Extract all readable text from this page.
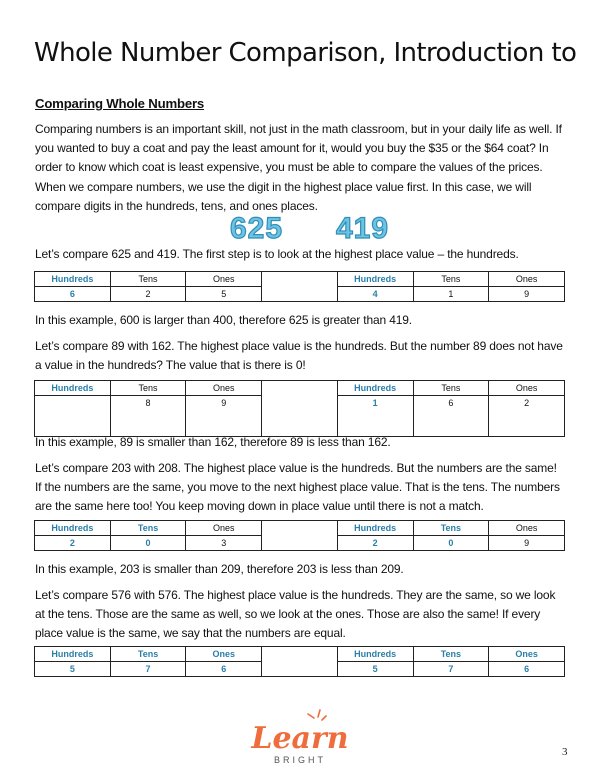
Whole Number Comparison, Introduction to
Comparing Whole Numbers

Comparing numbers is an important skill, not just in the math classroom, but in your daily life as well. If you wanted to buy a coat and pay the least amount for it, would you buy the $35 or the $64 coat? In order to know which coat is least expensive, you must be able to compare the values of the prices.

When we compare numbers, we use the digit in the highest place value first. In this case, we will compare digits in the hundreds, tens, and ones places.

625 419

Let’s compare 625 and 419. The first step is to look at the highest place value – the hundreds.

Hundreds	Tens	Ones		Hundreds	Tens	Ones
6	2	5		4	1	9

In this example, 600 is larger than 400, therefore 625 is greater than 419.

Let’s compare 89 with 162. The highest place value is the hundreds. But the number 89 does not have a value in the hundreds? The value that is there is 0!

Hundreds	Tens	Ones		Hundreds	Tens	Ones
	8	9		1	6	2

In this example, 89 is smaller than 162, therefore 89 is less than 162.

Let’s compare 203 with 208. The highest place value is the hundreds. But the numbers are the same! If the numbers are the same, you move to the next highest place value. That is the tens. The numbers are the same here too! You keep moving down in place value until there is not a match.

Hundreds	Tens	Ones		Hundreds	Tens	Ones
2	0	3		2	0	9

In this example, 203 is smaller than 209, therefore 203 is less than 209.

Let’s compare 576 with 576. The highest place value is the hundreds. They are the same, so we look at the tens. Those are the same as well, so we look at the ones. Those are also the same! If every place value is the same, we say that the numbers are equal.

Hundreds	Tens	Ones		Hundreds	Tens	Ones
5	7	6		5	7	6
Learn
BRIGHT
3
